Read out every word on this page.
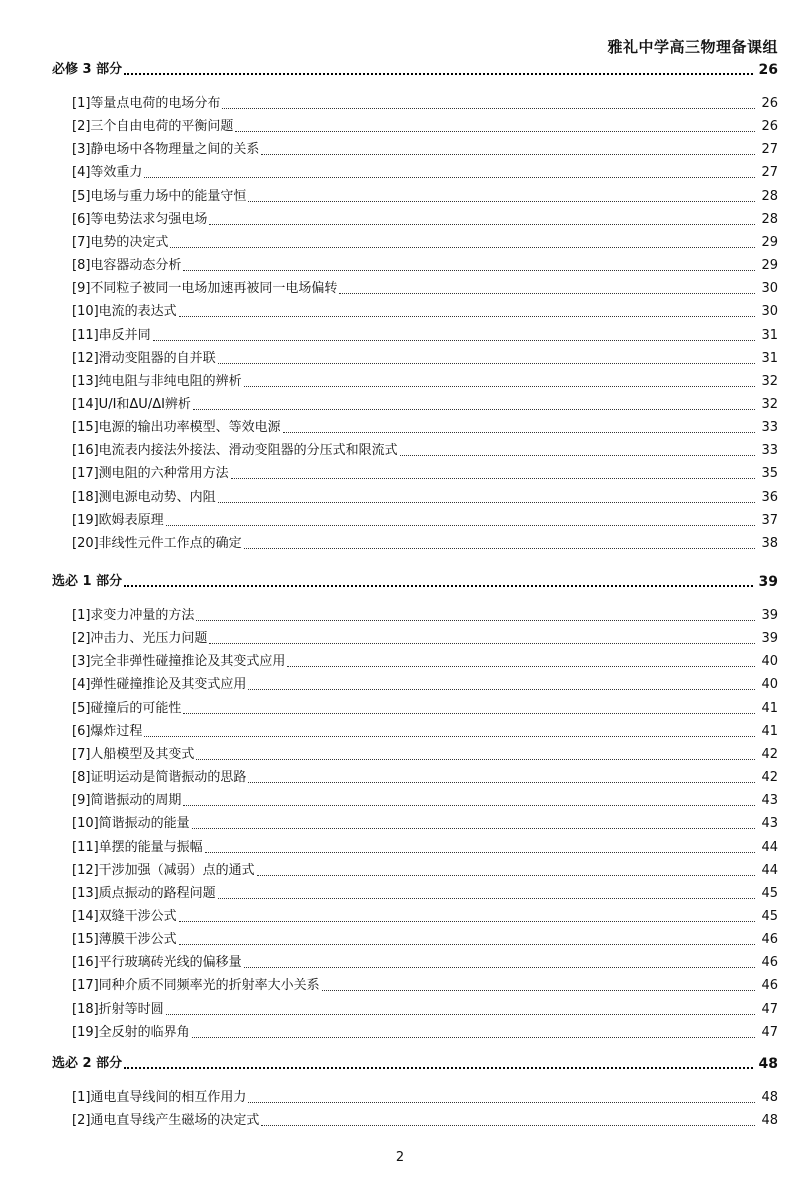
雅礼中学高三物理备课组
必修 3 部分	26
[1]等量点电荷的电场分布	26
[2]三个自由电荷的平衡问题	26
[3]静电场中各物理量之间的关系	27
[4]等效重力	27
[5]电场与重力场中的能量守恒	28
[6]等电势法求匀强电场	28
[7]电势的决定式	29
[8]电容器动态分析	29
[9]不同粒子被同一电场加速再被同一电场偏转	30
[10]电流的表达式	30
[11]串反并同	31
[12]滑动变阻器的自并联	31
[13]纯电阻与非纯电阻的辨析	32
[14]U/I和ΔU/ΔI辨析	32
[15]电源的输出功率模型、等效电源	33
[16]电流表内接法外接法、滑动变阻器的分压式和限流式	33
[17]测电阻的六种常用方法	35
[18]测电源电动势、内阻	36
[19]欧姆表原理	37
[20]非线性元件工作点的确定	38
选必 1 部分	39
[1]求变力冲量的方法	39
[2]冲击力、光压力问题	39
[3]完全非弹性碰撞推论及其变式应用	40
[4]弹性碰撞推论及其变式应用	40
[5]碰撞后的可能性	41
[6]爆炸过程	41
[7]人船模型及其变式	42
[8]证明运动是简谐振动的思路	42
[9]简谐振动的周期	43
[10]简谐振动的能量	43
[11]单摆的能量与振幅	44
[12]干涉加强（减弱）点的通式	44
[13]质点振动的路程问题	45
[14]双缝干涉公式	45
[15]薄膜干涉公式	46
[16]平行玻璃砖光线的偏移量	46
[17]同种介质不同频率光的折射率大小关系	46
[18]折射等时圆	47
[19]全反射的临界角	47
选必 2 部分	48
[1]通电直导线间的相互作用力	48
[2]通电直导线产生磁场的决定式	48
2
